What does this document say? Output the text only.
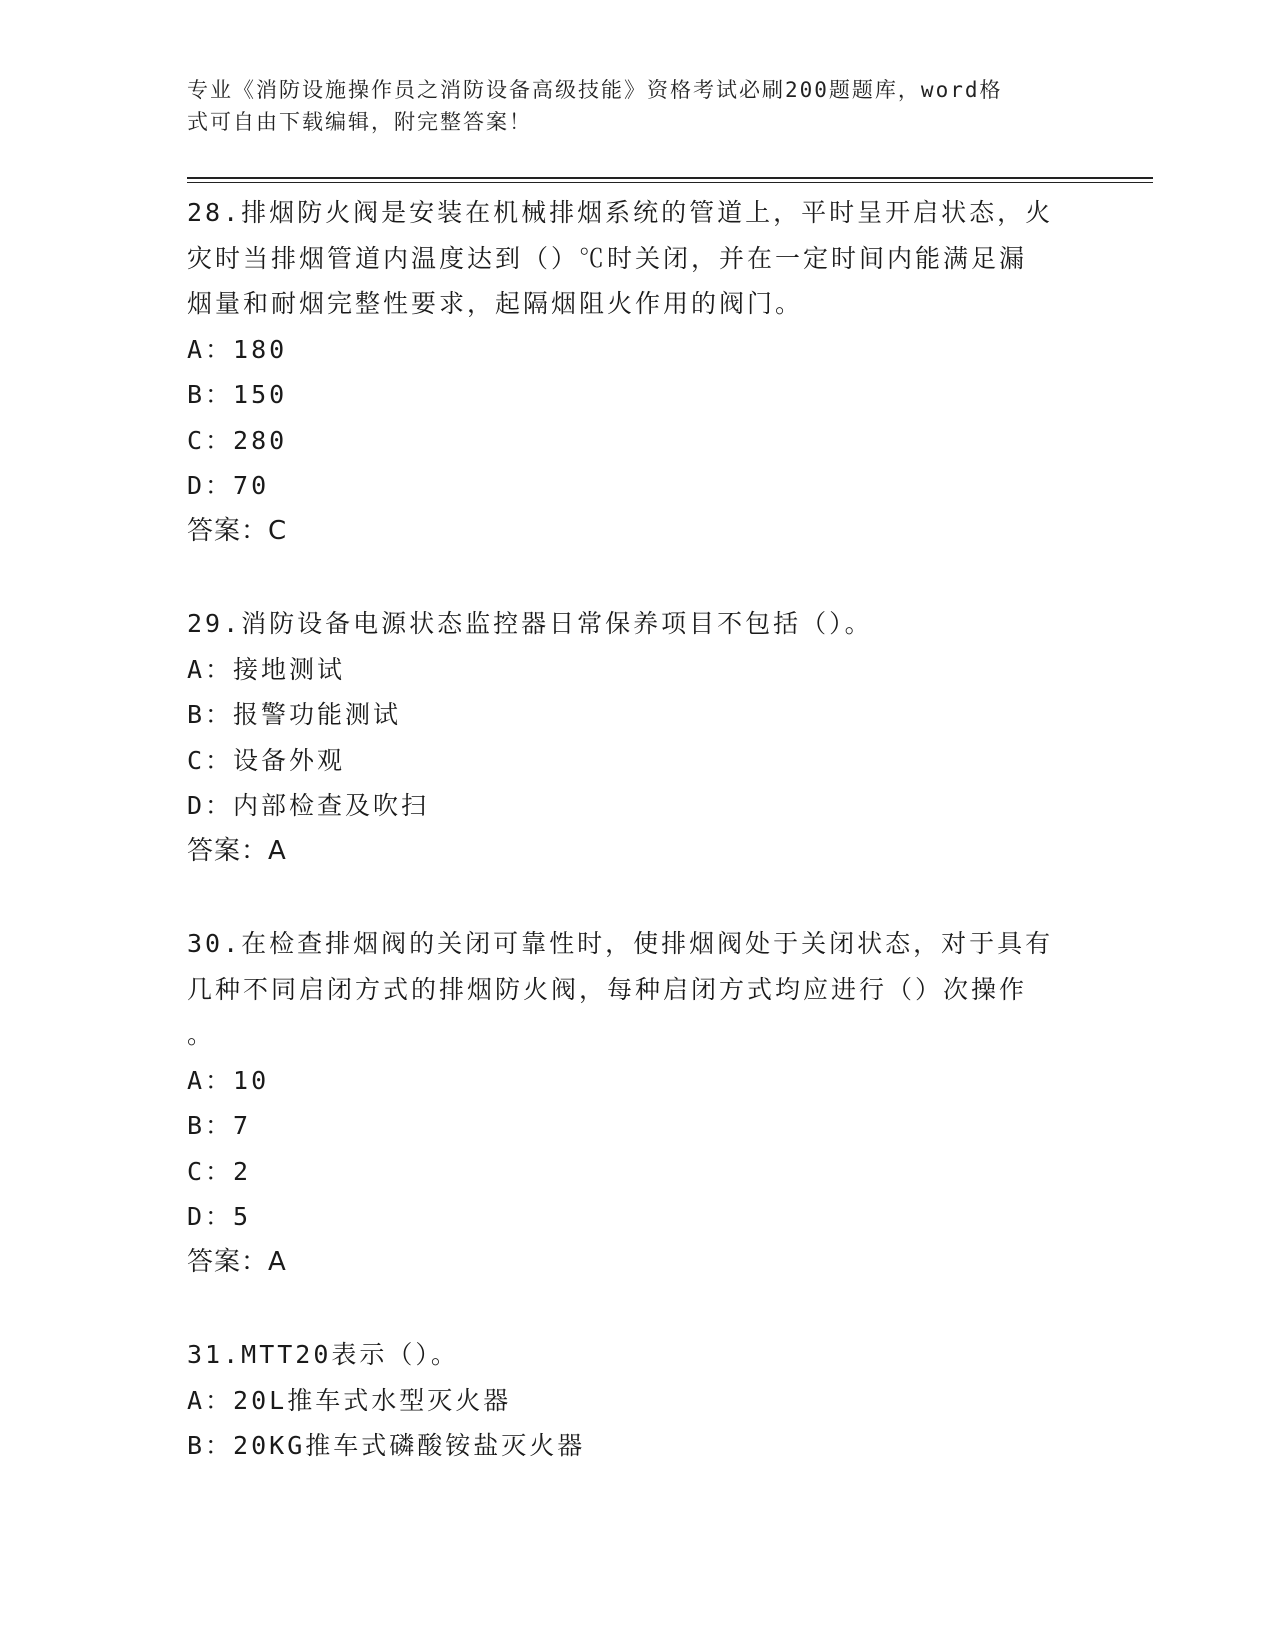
专业《消防设施操作员之消防设备高级技能》资格考试必刷200题题库，word格
式可自由下载编辑，附完整答案！
28.排烟防火阀是安装在机械排烟系统的管道上，平时呈开启状态，火
灾时当排烟管道内温度达到（）℃时关闭，并在一定时间内能满足漏
烟量和耐烟完整性要求，起隔烟阻火作用的阀门。
A：180
B：150
C：280
D：70
答案：C
29.消防设备电源状态监控器日常保养项目不包括（）。
A：接地测试
B：报警功能测试
C：设备外观
D：内部检查及吹扫
答案：A
30.在检查排烟阀的关闭可靠性时，使排烟阀处于关闭状态，对于具有
几种不同启闭方式的排烟防火阀，每种启闭方式均应进行（）次操作
。
A：10
B：7
C：2
D：5
答案：A
31.MTT20表示（）。
A：20L推车式水型灭火器
B：20KG推车式磷酸铵盐灭火器
